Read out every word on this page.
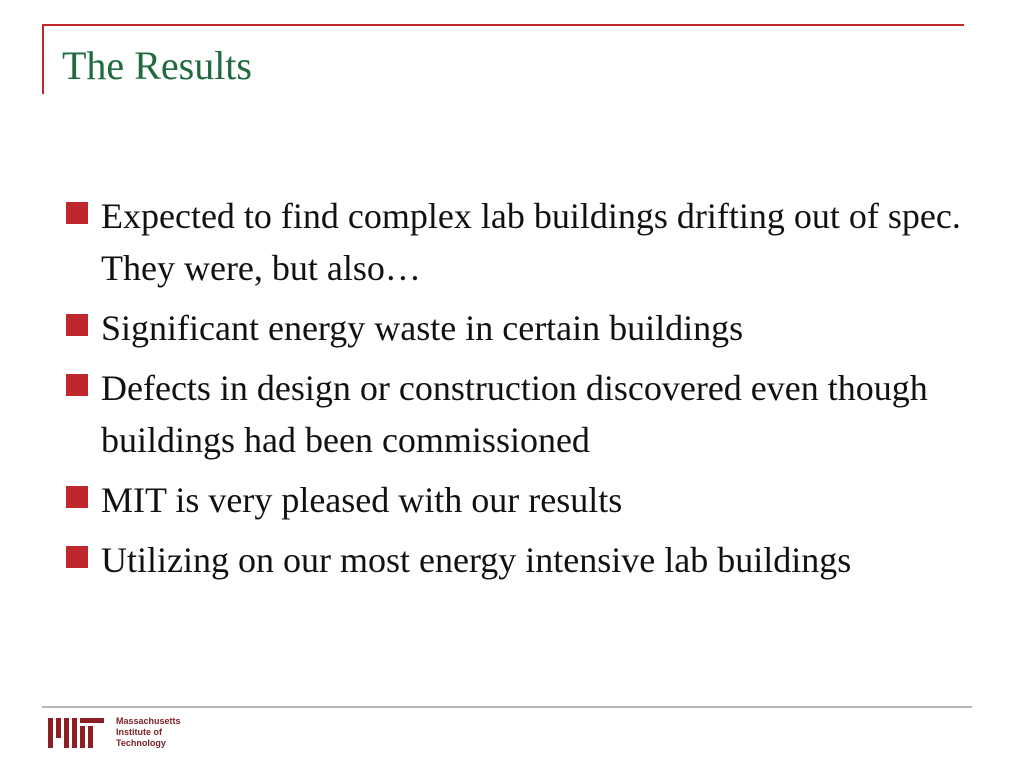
The Results
Expected to find complex lab buildings drifting out of spec. They were, but also…
Significant energy waste in certain buildings
Defects in design or construction discovered even though buildings had been commissioned
MIT is very pleased with our results
Utilizing on our most energy intensive lab buildings
Massachusetts
Institute of
Technology
